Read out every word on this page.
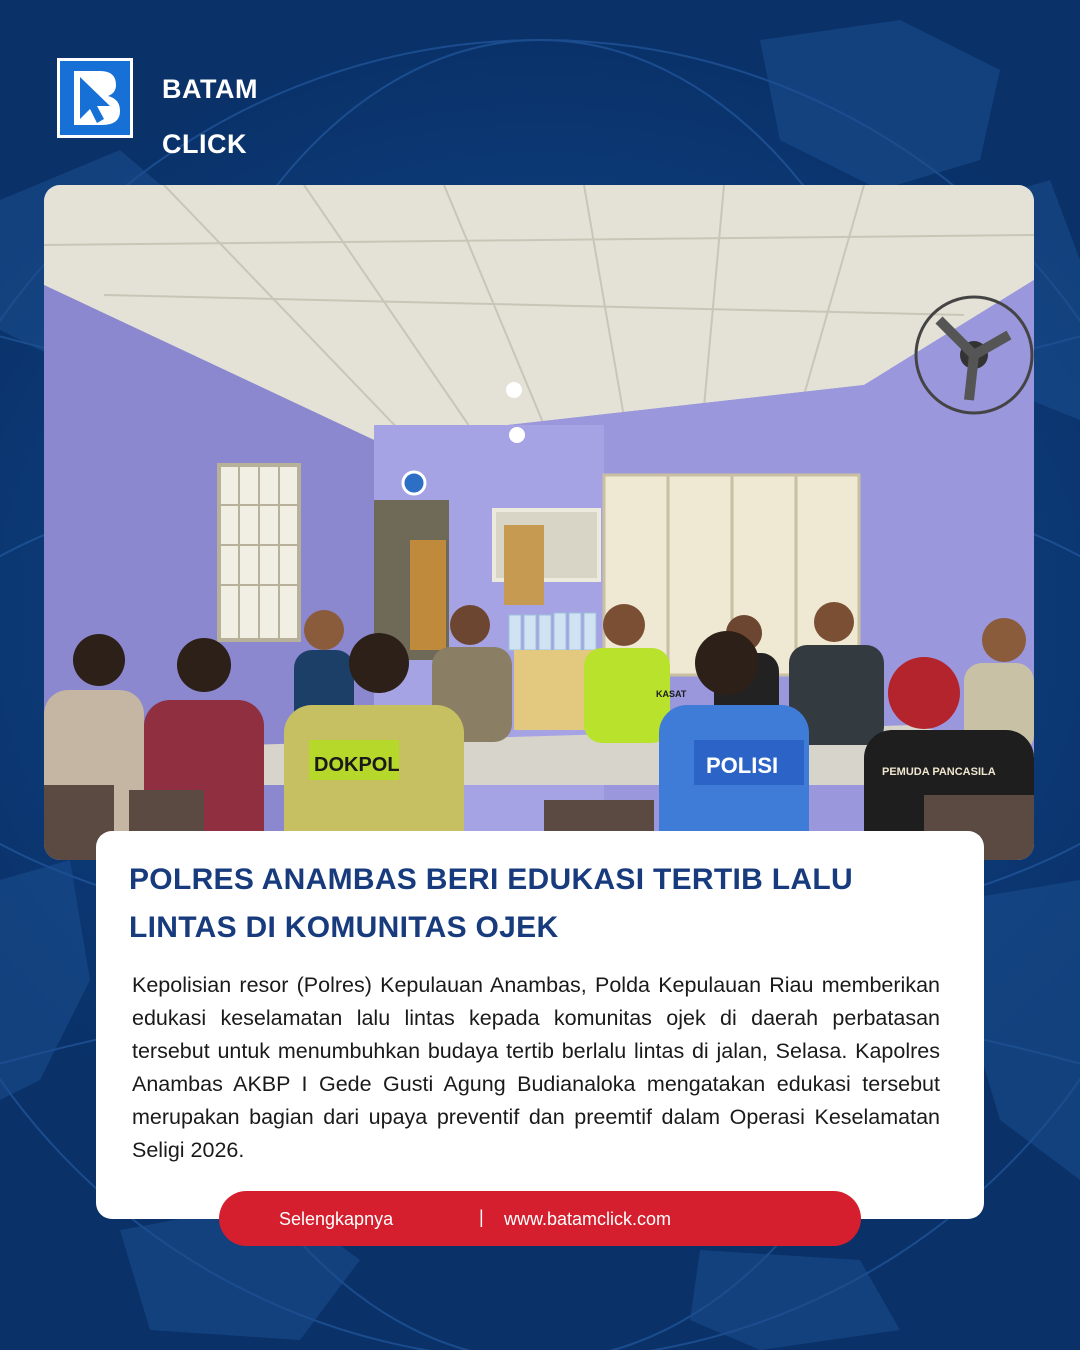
BATAM
CLICK
DOKPOL	POLISI
KASAT
PEMUDA PANCASILA
POLRES ANAMBAS BERI EDUKASI TERTIB LALU LINTAS DI KOMUNITAS OJEK

Kepolisian resor (Polres) Kepulauan Anambas, Polda Kepulauan Riau memberikan edukasi keselamatan lalu lintas kepada komunitas ojek di daerah perbatasan tersebut untuk menumbuhkan budaya tertib berlalu lintas di jalan, Selasa. Kapolres Anambas AKBP I Gede Gusti Agung Budianaloka mengatakan edukasi tersebut merupakan bagian dari upaya preventif dan preemtif dalam Operasi Keselamatan Seligi 2026.

Selengkapnya	| www.batamclick.com
